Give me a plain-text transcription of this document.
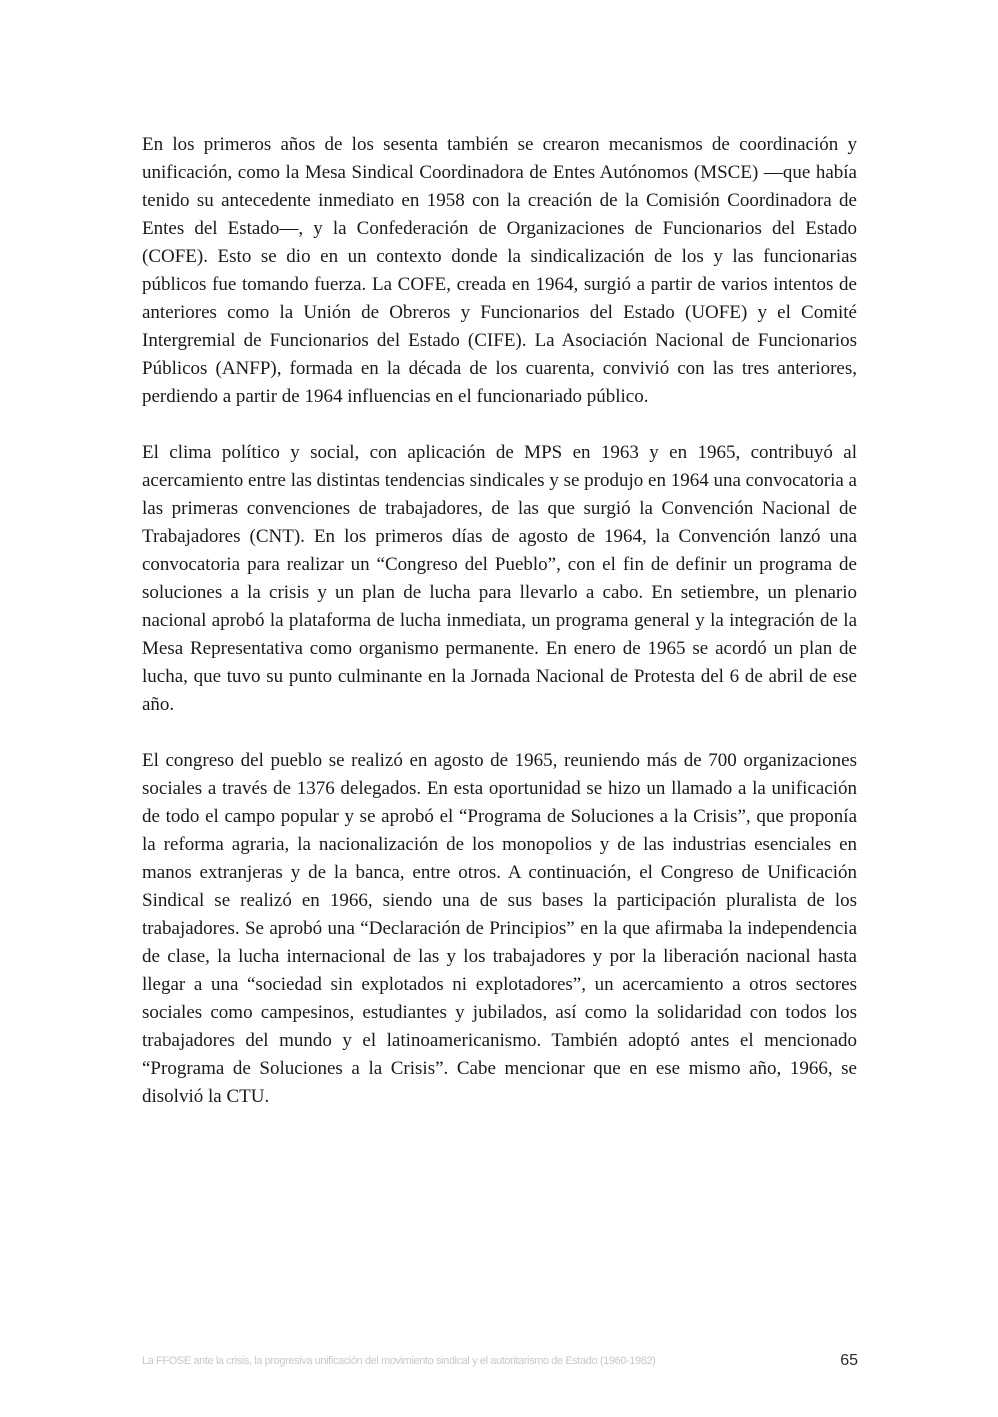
En los primeros años de los sesenta también se crearon mecanismos de coordinación y unificación, como la Mesa Sindical Coordinadora de Entes Autónomos (MSCE) —que había tenido su antecedente inmediato en 1958 con la creación de la Comisión Coordinadora de Entes del Estado—, y la Confederación de Organizaciones de Funcionarios del Estado (COFE). Esto se dio en un contexto donde la sindicalización de los y las funcionarias públicos fue tomando fuerza. La COFE, creada en 1964, surgió a partir de varios intentos de anteriores como la Unión de Obreros y Funcionarios del Estado (UOFE) y el Comité Intergremial de Funcionarios del Estado (CIFE). La Asociación Nacional de Funcionarios Públicos (ANFP), formada en la década de los cuarenta, convivió con las tres anteriores, perdiendo a partir de 1964 influencias en el funcionariado público.

El clima político y social, con aplicación de MPS en 1963 y en 1965, contribuyó al acercamiento entre las distintas tendencias sindicales y se produjo en 1964 una convocatoria a las primeras convenciones de trabajadores, de las que surgió la Convención Nacional de Trabajadores (CNT). En los primeros días de agosto de 1964, la Convención lanzó una convocatoria para realizar un “Congreso del Pueblo”, con el fin de definir un programa de soluciones a la crisis y un plan de lucha para llevarlo a cabo. En setiembre, un plenario nacional aprobó la plataforma de lucha inmediata, un programa general y la integración de la Mesa Representativa como organismo permanente. En enero de 1965 se acordó un plan de lucha, que tuvo su punto culminante en la Jornada Nacional de Protesta del 6 de abril de ese año.

El congreso del pueblo se realizó en agosto de 1965, reuniendo más de 700 organizaciones sociales a través de 1376 delegados. En esta oportunidad se hizo un llamado a la unificación de todo el campo popular y se aprobó el “Programa de Soluciones a la Crisis”, que proponía la reforma agraria, la nacionalización de los monopolios y de las industrias esenciales en manos extranjeras y de la banca, entre otros. A continuación, el Congreso de Unificación Sindical se realizó en 1966, siendo una de sus bases la participación pluralista de los trabajadores. Se aprobó una “Declaración de Principios” en la que afirmaba la independencia de clase, la lucha internacional de las y los trabajadores y por la liberación nacional hasta llegar a una “sociedad sin explotados ni explotadores”, un acercamiento a otros sectores sociales como campesinos, estudiantes y jubilados, así como la solidaridad con todos los trabajadores del mundo y el latinoamericanismo. También adoptó antes el mencionado “Programa de Soluciones a la Crisis”. Cabe mencionar que en ese mismo año, 1966, se disolvió la CTU.

La FFOSE ante la crisis, la progresiva unificación del movimiento sindical y el autoritarismo de Estado (1960-1982)	65
